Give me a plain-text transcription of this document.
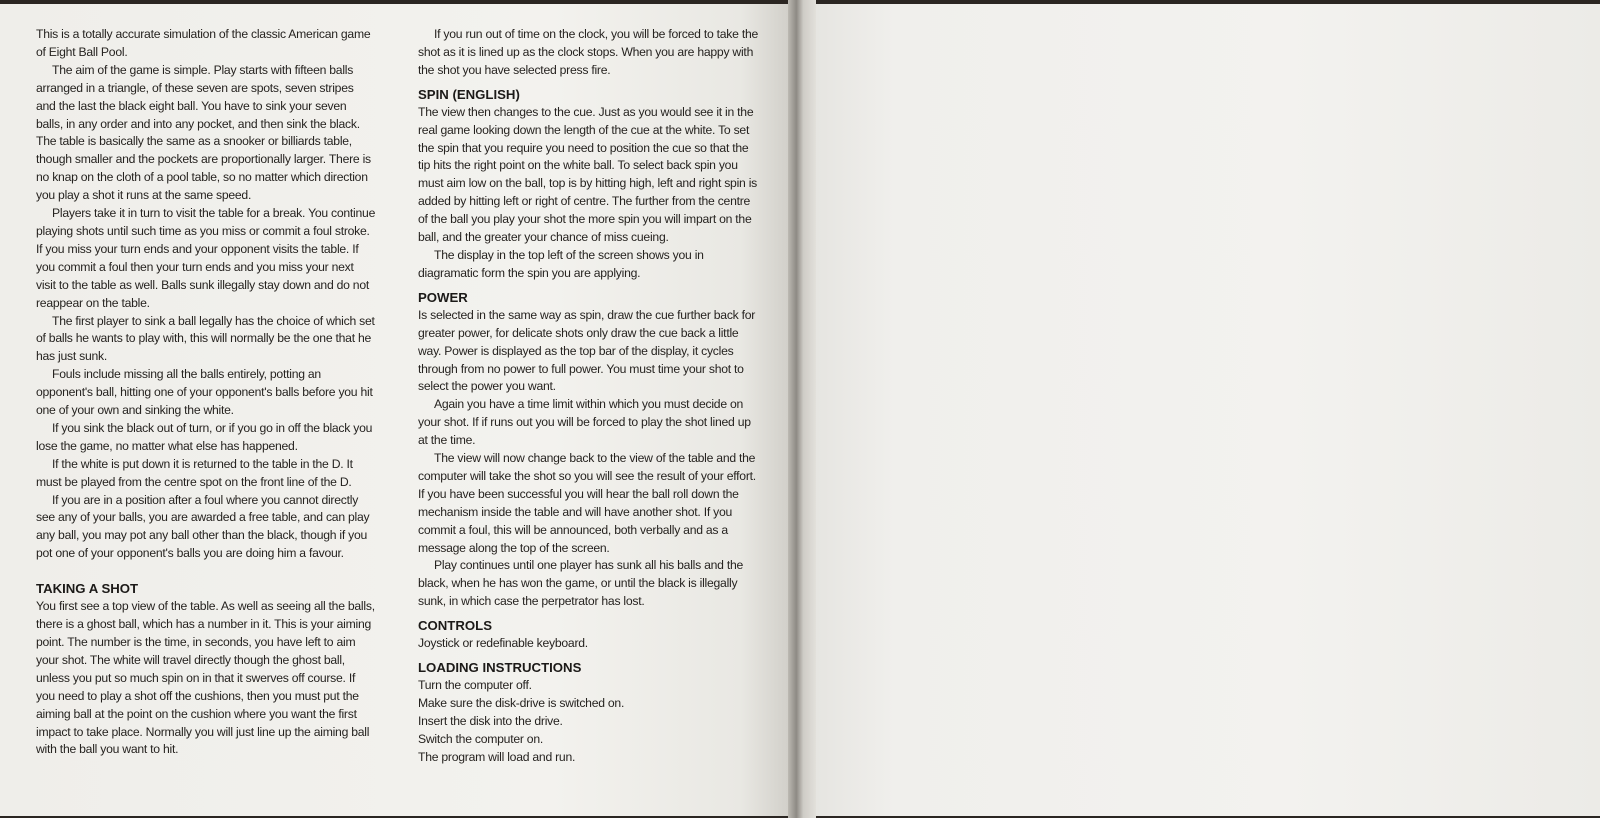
This is a totally accurate simulation of the classic American game of Eight Ball Pool.

The aim of the game is simple. Play starts with fifteen balls arranged in a triangle, of these seven are spots, seven stripes and the last the black eight ball. You have to sink your seven balls, in any order and into any pocket, and then sink the black. The table is basically the same as a snooker or billiards table, though smaller and the pockets are proportionally larger. There is no knap on the cloth of a pool table, so no matter which direction you play a shot it runs at the same speed.

Players take it in turn to visit the table for a break. You continue playing shots until such time as you miss or commit a foul stroke. If you miss your turn ends and your opponent visits the table. If you commit a foul then your turn ends and you miss your next visit to the table as well. Balls sunk illegally stay down and do not reappear on the table.

The first player to sink a ball legally has the choice of which set of balls he wants to play with, this will normally be the one that he has just sunk.

Fouls include missing all the balls entirely, potting an opponent's ball, hitting one of your opponent's balls before you hit one of your own and sinking the white.

If you sink the black out of turn, or if you go in off the black you lose the game, no matter what else has happened.

If the white is put down it is returned to the table in the D. It must be played from the centre spot on the front line of the D.

If you are in a position after a foul where you cannot directly see any of your balls, you are awarded a free table, and can play any ball, you may pot any ball other than the black, though if you pot one of your opponent's balls you are doing him a favour.

TAKING A SHOT

You first see a top view of the table. As well as seeing all the balls, there is a ghost ball, which has a number in it. This is your aiming point. The number is the time, in seconds, you have left to aim your shot. The white will travel directly though the ghost ball, unless you put so much spin on in that it swerves off course. If you need to play a shot off the cushions, then you must put the aiming ball at the point on the cushion where you want the first impact to take place. Normally you will just line up the aiming ball with the ball you want to hit.

If you run out of time on the clock, you will be forced to take the shot as it is lined up as the clock stops. When you are happy with the shot you have selected press fire.

SPIN (ENGLISH)

The view then changes to the cue. Just as you would see it in the real game looking down the length of the cue at the white. To set the spin that you require you need to position the cue so that the tip hits the right point on the white ball. To select back spin you must aim low on the ball, top is by hitting high, left and right spin is added by hitting left or right of centre. The further from the centre of the ball you play your shot the more spin you will impart on the ball, and the greater your chance of miss cueing.

The display in the top left of the screen shows you in diagramatic form the spin you are applying.

POWER

Is selected in the same way as spin, draw the cue further back for greater power, for delicate shots only draw the cue back a little way. Power is displayed as the top bar of the display, it cycles through from no power to full power. You must time your shot to select the power you want.

Again you have a time limit within which you must decide on your shot. If if runs out you will be forced to play the shot lined up at the time.

The view will now change back to the view of the table and the computer will take the shot so you will see the result of your effort. If you have been successful you will hear the ball roll down the mechanism inside the table and will have another shot. If you commit a foul, this will be announced, both verbally and as a message along the top of the screen.

Play continues until one player has sunk all his balls and the black, when he has won the game, or until the black is illegally sunk, in which case the perpetrator has lost.

CONTROLS

Joystick or redefinable keyboard.

LOADING INSTRUCTIONS

Turn the computer off.

Make sure the disk-drive is switched on.

Insert the disk into the drive.

Switch the computer on.

The program will load and run.
